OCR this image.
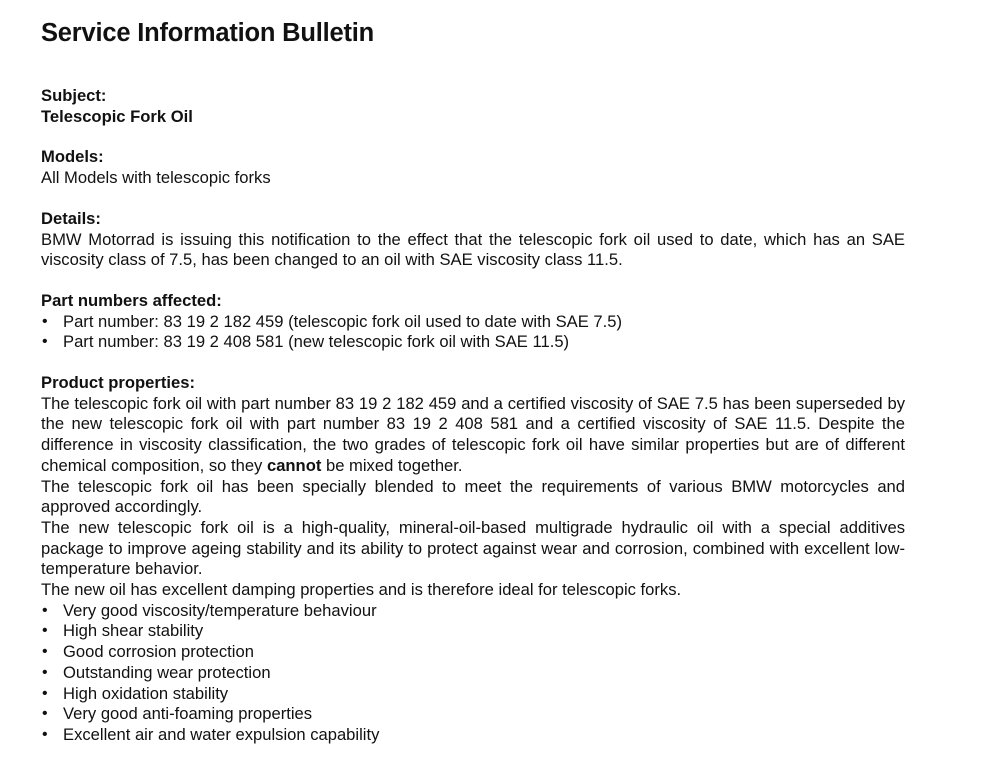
Service Information Bulletin
Subject:
Telescopic Fork Oil
Models:
All Models with telescopic forks
Details:
BMW Motorrad is issuing this notification to the effect that the telescopic fork oil used to date, which has an SAE viscosity class of 7.5, has been changed to an oil with SAE viscosity class 11.5.
Part numbers affected:
• Part number: 83 19 2 182 459 (telescopic fork oil used to date with SAE 7.5)
• Part number: 83 19 2 408 581 (new telescopic fork oil with SAE 11.5)
Product properties:
The telescopic fork oil with part number 83 19 2 182 459 and a certified viscosity of SAE 7.5 has been superseded by the new telescopic fork oil with part number 83 19 2 408 581 and a certified viscosity of SAE 11.5. Despite the difference in viscosity classification, the two grades of telescopic fork oil have similar properties but are of different chemical composition, so they cannot be mixed together.
The telescopic fork oil has been specially blended to meet the requirements of various BMW motorcycles and approved accordingly.
The new telescopic fork oil is a high-quality, mineral-oil-based multigrade hydraulic oil with a special additives package to improve ageing stability and its ability to protect against wear and corrosion, combined with excellent low-temperature behavior.
The new oil has excellent damping properties and is therefore ideal for telescopic forks.
• Very good viscosity/temperature behaviour
• High shear stability
• Good corrosion protection
• Outstanding wear protection
• High oxidation stability
• Very good anti-foaming properties
• Excellent air and water expulsion capability
